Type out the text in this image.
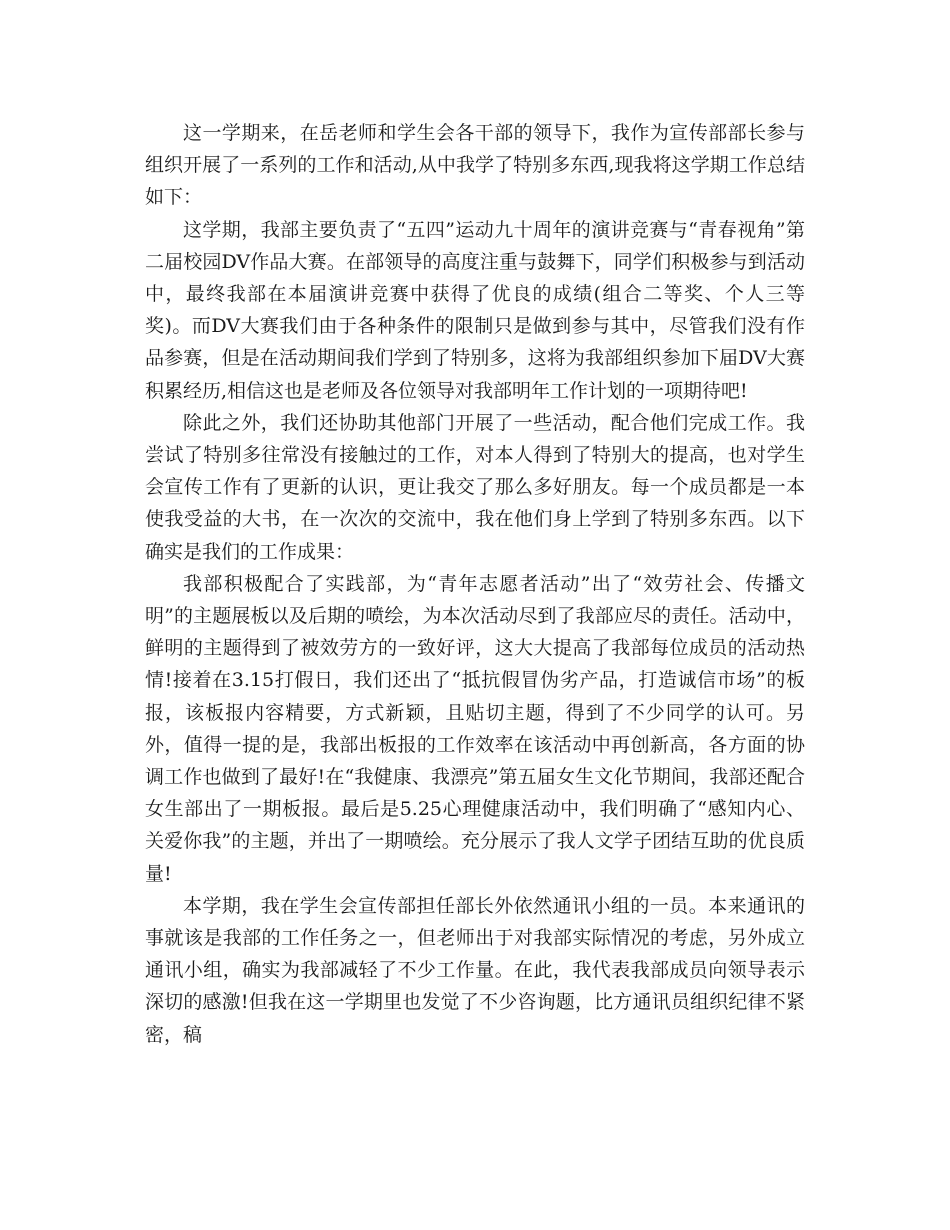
这一学期来，在岳老师和学生会各干部的领导下，我作为宣传部部长参与组织开展了一系列的工作和活动,从中我学了特别多东西,现我将这学期工作总结如下：

这学期，我部主要负责了“五四”运动九十周年的演讲竞赛与“青春视角”第二届校园DV作品大赛。在部领导的高度注重与鼓舞下，同学们积极参与到活动中，最终我部在本届演讲竞赛中获得了优良的成绩(组合二等奖、个人三等奖)。而DV大赛我们由于各种条件的限制只是做到参与其中，尽管我们没有作品参赛，但是在活动期间我们学到了特别多，这将为我部组织参加下届DV大赛积累经历,相信这也是老师及各位领导对我部明年工作计划的一项期待吧!

除此之外，我们还协助其他部门开展了一些活动，配合他们完成工作。我尝试了特别多往常没有接触过的工作，对本人得到了特别大的提高，也对学生会宣传工作有了更新的认识，更让我交了那么多好朋友。每一个成员都是一本使我受益的大书，在一次次的交流中，我在他们身上学到了特别多东西。以下确实是我们的工作成果：

我部积极配合了实践部，为“青年志愿者活动”出了“效劳社会、传播文明”的主题展板以及后期的喷绘，为本次活动尽到了我部应尽的责任。活动中，鲜明的主题得到了被效劳方的一致好评，这大大提高了我部每位成员的活动热情!接着在3.15打假日，我们还出了“抵抗假冒伪劣产品，打造诚信市场”的板报，该板报内容精要，方式新颖，且贴切主题，得到了不少同学的认可。另外，值得一提的是，我部出板报的工作效率在该活动中再创新高，各方面的协调工作也做到了最好!在“我健康、我漂亮”第五届女生文化节期间，我部还配合女生部出了一期板报。最后是5.25心理健康活动中，我们明确了“感知内心、关爱你我”的主题，并出了一期喷绘。充分展示了我人文学子团结互助的优良质量!

本学期，我在学生会宣传部担任部长外依然通讯小组的一员。本来通讯的事就该是我部的工作任务之一，但老师出于对我部实际情况的考虑，另外成立通讯小组，确实为我部减轻了不少工作量。在此，我代表我部成员向领导表示深切的感激!但我在这一学期里也发觉了不少咨询题，比方通讯员组织纪律不紧密，稿
